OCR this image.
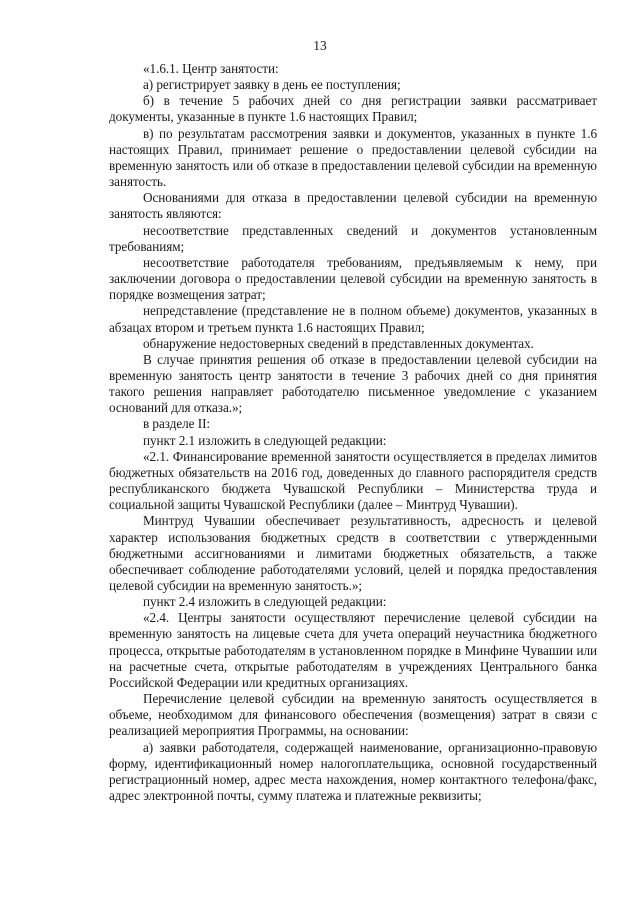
13

«1.6.1. Центр занятости:

а) регистрирует заявку в день ее поступления;

б) в течение 5 рабочих дней со дня регистрации заявки рассматривает документы, указанные в пункте 1.6 настоящих Правил;

в) по результатам рассмотрения заявки и документов, указанных в пункте 1.6 настоящих Правил, принимает решение о предоставлении целевой субсидии на временную занятость или об отказе в предоставлении целевой субсидии на временную занятость.

Основаниями для отказа в предоставлении целевой субсидии на временную занятость являются:

несоответствие представленных сведений и документов установленным требованиям;

несоответствие работодателя требованиям, предъявляемым к нему, при заключении договора о предоставлении целевой субсидии на временную занятость в порядке возмещения затрат;

непредставление (представление не в полном объеме) документов, указанных в абзацах втором и третьем пункта 1.6 настоящих Правил;

обнаружение недостоверных сведений в представленных документах.

В случае принятия решения об отказе в предоставлении целевой субсидии на временную занятость центр занятости в течение 3 рабочих дней со дня принятия такого решения направляет работодателю письменное уведомление с указанием оснований для отказа.»;

в разделе II:

пункт 2.1 изложить в следующей редакции:

«2.1. Финансирование временной занятости осуществляется в пределах лимитов бюджетных обязательств на 2016 год, доведенных до главного распорядителя средств республиканского бюджета Чувашской Республики – Министерства труда и социальной защиты Чувашской Республики (далее – Минтруд Чувашии).

Минтруд Чувашии обеспечивает результативность, адресность и целевой характер использования бюджетных средств в соответствии с утвержденными бюджетными ассигнованиями и лимитами бюджетных обязательств, а также обеспечивает соблюдение работодателями условий, целей и порядка предоставления целевой субсидии на временную занятость.»;

пункт 2.4 изложить в следующей редакции:

«2.4. Центры занятости осуществляют перечисление целевой субсидии на временную занятость на лицевые счета для учета операций неучастника бюджетного процесса, открытые работодателям в установленном порядке в Минфине Чувашии или на расчетные счета, открытые работодателям в учреждениях Центрального банка Российской Федерации или кредитных организациях.

Перечисление целевой субсидии на временную занятость осуществляется в объеме, необходимом для финансового обеспечения (возмещения) затрат в связи с реализацией мероприятия Программы, на основании:

а) заявки работодателя, содержащей наименование, организационно-правовую форму, идентификационный номер налогоплательщика, основной государственный регистрационный номер, адрес места нахождения, номер контактного телефона/факс, адрес электронной почты, сумму платежа и платежные реквизиты;
